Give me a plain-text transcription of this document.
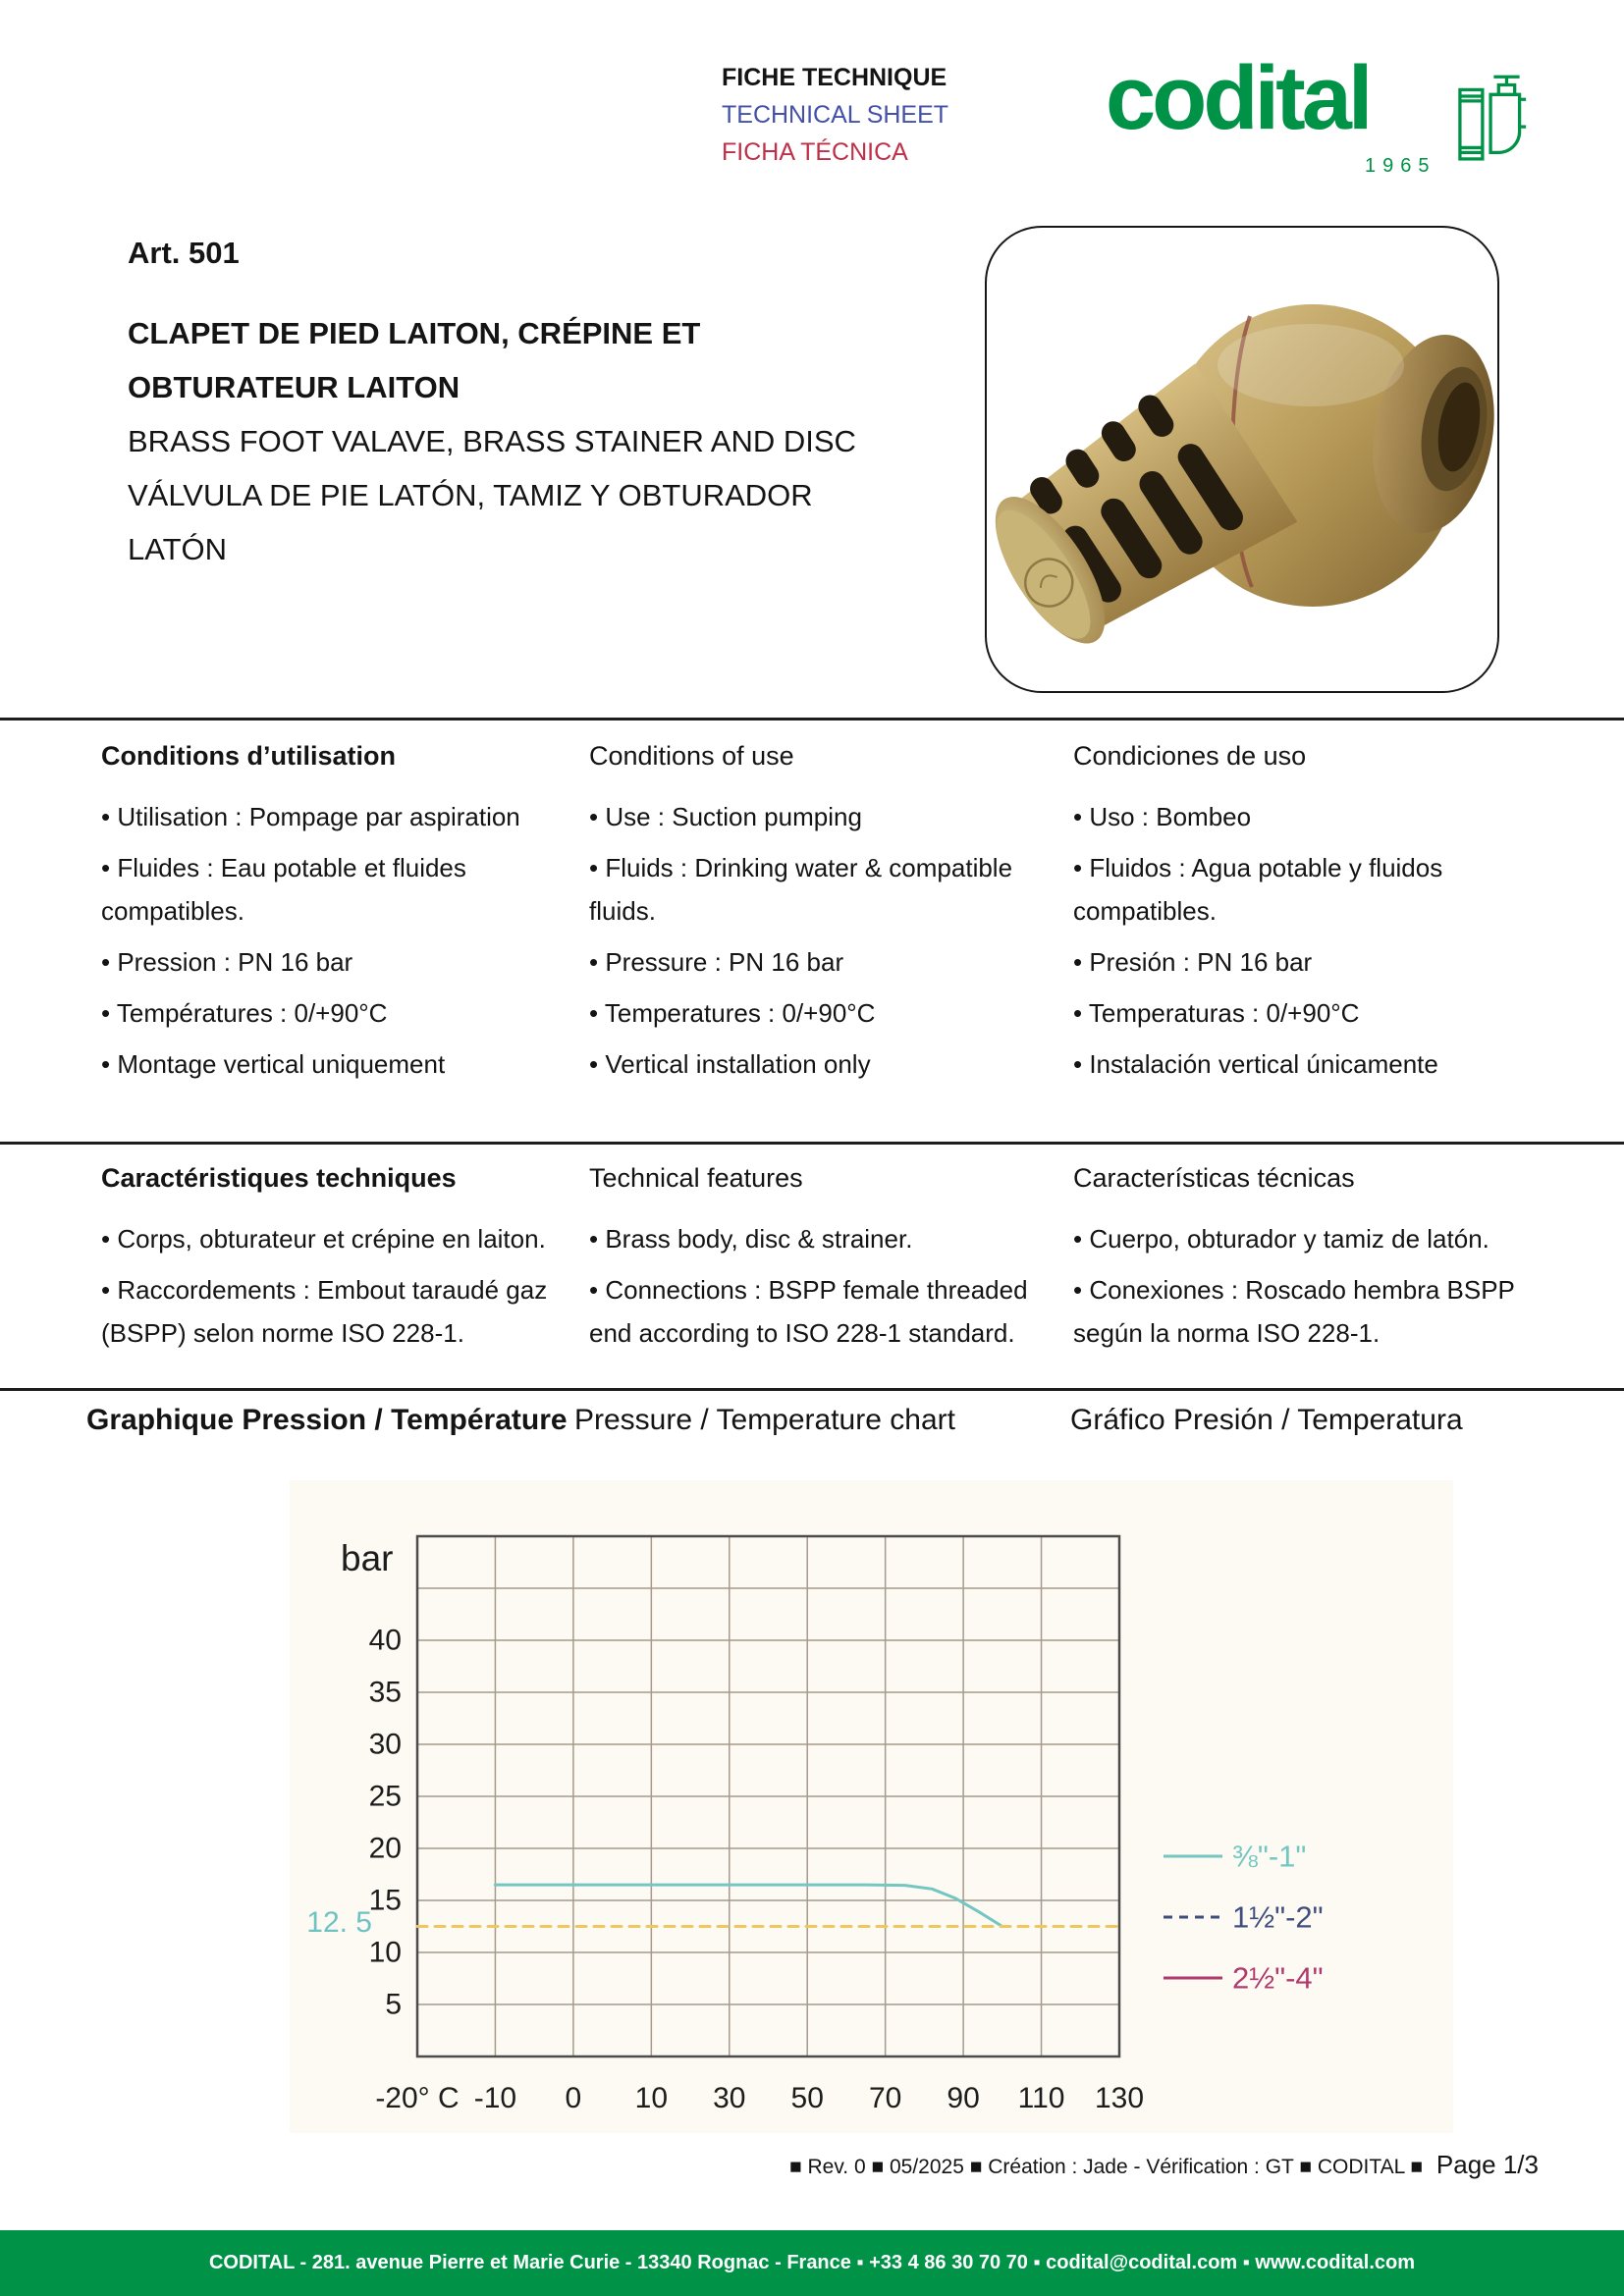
FICHE TECHNIQUE
TECHNICAL SHEET
FICHA TÉCNICA
codital
1965
Art. 501
CLAPET DE PIED LAITON, CRÉPINE ET OBTURATEUR LAITON
BRASS FOOT VALAVE, BRASS STAINER AND DISC
VÁLVULA DE PIE LATÓN, TAMIZ Y OBTURADOR LATÓN
Conditions d’utilisation

• Utilisation : Pompage par aspiration

• Fluides : Eau potable et fluides compatibles.

• Pression : PN 16 bar

• Températures : 0/+90°C

• Montage vertical uniquement

Conditions of use

• Use : Suction pumping

• Fluids : Drinking water & compatible fluids.

• Pressure : PN 16 bar

• Temperatures : 0/+90°C

• Vertical installation only

Condiciones de uso

• Uso : Bombeo

• Fluidos : Agua potable y fluidos compatibles.

• Presión : PN 16 bar

• Temperaturas : 0/+90°C

• Instalación vertical únicamente

Caractéristiques techniques

• Corps, obturateur et crépine en laiton.

• Raccordements : Embout taraudé gaz (BSPP) selon norme ISO 228-1.

Technical features

• Brass body, disc & strainer.

• Connections : BSPP female threaded end according to ISO 228-1 standard.

Características técnicas

• Cuerpo, obturador y tamiz de latón.

• Conexiones : Roscado hembra BSPP según la norma ISO 228-1.

Graphique Pression / Température Pressure / Temperature chart	Gráfico Presión / Temperatura
bar
5
10
15
20
25
30
35
40
12. 5
-20° C -10 0 10 30 50 70 90 110 130
⅜"-1"
1½"-2"
2½"-4"
■ Rev. 0 ■ 05/2025 ■ Création : Jade - Vérification : GT ■ CODITAL ■ Page 1/3
CODITAL - 281. avenue Pierre et Marie Curie - 13340 Rognac - France ▪ +33 4 86 30 70 70 ▪ codital@codital.com ▪ www.codital.com
